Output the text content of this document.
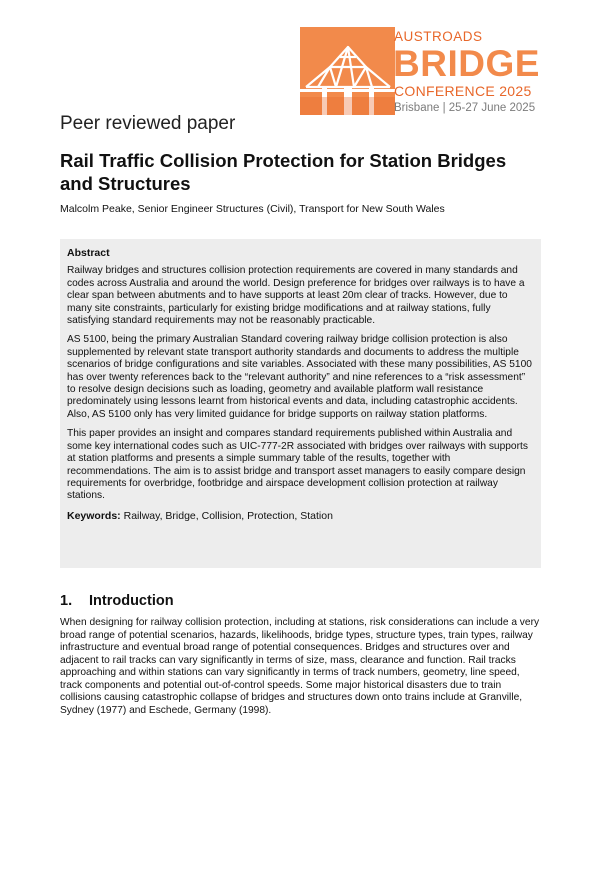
AUSTROADS
BRIDGE
CONFERENCE 2025
Brisbane | 25-27 June 2025
Peer reviewed paper
Rail Traffic Collision Protection for Station Bridges and Structures
Malcolm Peake, Senior Engineer Structures (Civil), Transport for New South Wales
Abstract

Railway bridges and structures collision protection requirements are covered in many standards and codes across Australia and around the world. Design preference for bridges over railways is to have a clear span between abutments and to have supports at least 20m clear of tracks. However, due to many site constraints, particularly for existing bridge modifications and at railway stations, fully satisfying standard requirements may not be reasonably practicable.

AS 5100, being the primary Australian Standard covering railway bridge collision protection is also supplemented by relevant state transport authority standards and documents to address the multiple scenarios of bridge configurations and site variables. Associated with these many possibilities, AS 5100 has over twenty references back to the “relevant authority” and nine references to a “risk assessment” to resolve design decisions such as loading, geometry and available platform wall resistance predominately using lessons learnt from historical events and data, including catastrophic accidents. Also, AS 5100 only has very limited guidance for bridge supports on railway station platforms.

This paper provides an insight and compares standard requirements published within Australia and some key international codes such as UIC-777-2R associated with bridges over railways with supports at station platforms and presents a simple summary table of the results, together with recommendations. The aim is to assist bridge and transport asset managers to easily compare design requirements for overbridge, footbridge and airspace development collision protection at railway stations.

Keywords: Railway, Bridge, Collision, Protection, Station
1. Introduction

When designing for railway collision protection, including at stations, risk considerations can include a very broad range of potential scenarios, hazards, likelihoods, bridge types, structure types, train types, railway infrastructure and eventual broad range of potential consequences. Bridges and structures over and adjacent to rail tracks can vary significantly in terms of size, mass, clearance and function. Rail tracks approaching and within stations can vary significantly in terms of track numbers, geometry, line speed, track components and potential out-of-control speeds. Some major historical disasters due to train collisions causing catastrophic collapse of bridges and structures down onto trains include at Granville, Sydney (1977) and Eschede, Germany (1998).
